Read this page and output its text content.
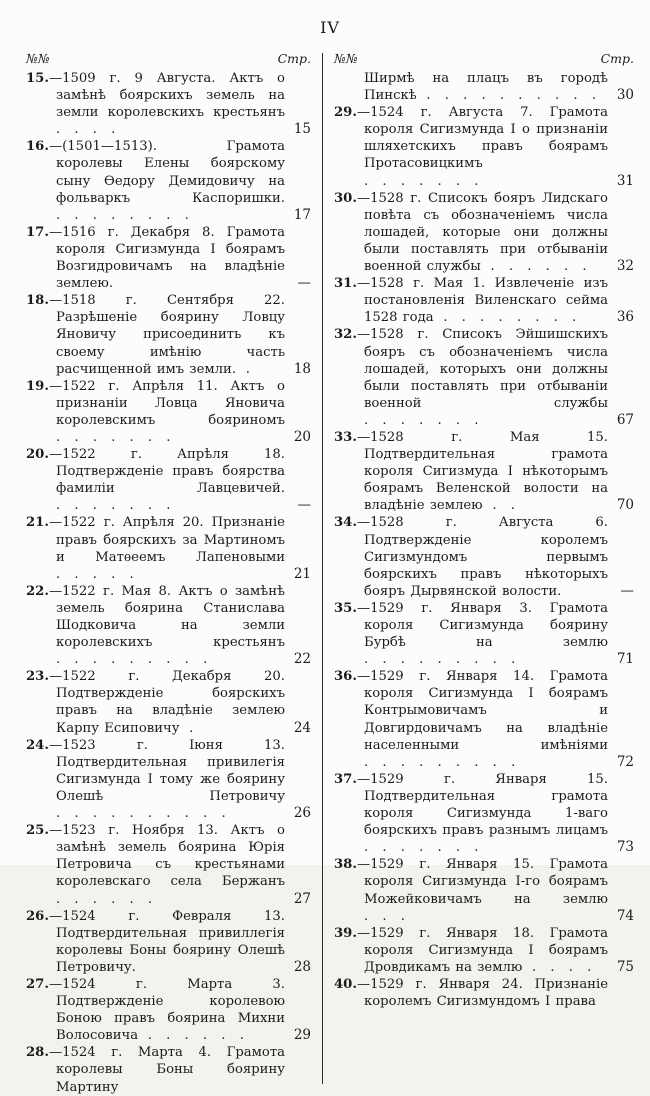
IV
№№	Стр.
15.—1509 г. 9 Августа. Актъ о замѣнѣ боярскихъ земель на земли королевскихъ крестьянъ . . . .	15
16.—(1501—1513). Грамота королевы Елены боярскому сыну Ѳедору Демидовичу на фольваркъ Каспоришки. . . . . . . . .	17
17.—1516 г. Декабря 8. Грамота короля Сигизмунда I боярамъ Возгидровичамъ на владѣніе землею.	—
18.—1518 г. Сентября 22. Разрѣшеніе боярину Ловцу Яновичу присоединить къ своему имѣнію часть расчищенной имъ земли. .	18
19.—1522 г. Апрѣля 11. Актъ о признаніи Ловца Яновича королевскимъ бояриномъ . . . . . . .	20
20.—1522 г. Апрѣля 18. Подтвержденіе правъ боярства фамиліи Лавцевичей. . . . . . . .	—
21.—1522 г. Апрѣля 20. Признаніе правъ боярскихъ за Мартиномъ и Матѳеемъ Лапеновыми . . . . .	21
22.—1522 г. Мая 8. Актъ о замѣнѣ земель боярина Станислава Шодковича на земли королевскихъ крестьянъ . . . . . . . . .	22
23.—1522 г. Декабря 20. Подтвержденіе боярскихъ правъ на владѣніе землею Карпу Есиповичу .	24
24.—1523 г. Іюня 13. Подтвердительная привилегія Сигизмунда I тому же боярину Олешѣ Петровичу . . . . . . . . . .	26
25.—1523 г. Ноября 13. Актъ о замѣнѣ земель боярина Юрія Петровича съ крестьянами королевскаго села Бержанъ . . . . . .	27
26.—1524 г. Февраля 13. Подтвердительная привиллегія королевы Боны боярину Олешѣ Петровичу.	28
27.—1524 г. Марта 3. Подтвержденіе королевою Боною правъ боярина Михни Волосовича . . . . . .	29
28.—1524 г. Марта 4. Грамота королевы Боны боярину Мартину
№№	Стр.
Ширмѣ на плацъ въ городѣ Пинскѣ . . . . . . . . . . 30
29.—1524 г. Августа 7. Грамота короля Сигизмунда I о признаніи шляхетскихъ правъ боярамъ Протасовицкимъ . . . . . . .	31
30.—1528 г. Списокъ бояръ Лидскаго повѣта съ обозначеніемъ числа лошадей, которые они должны были поставлять при отбываніи военной службы . . . . . . 32
31.—1528 г. Мая 1. Извлеченіе изъ постановленія Виленскаго сейма 1528 года . . . . . . . .	36
32.—1528 г. Списокъ Эйшишскихъ бояръ съ обозначеніемъ числа лошадей, которыхъ они должны были поставлять при отбываніи военной службы . . . . . . .	67
33.—1528 г. Мая 15. Подтвердительная грамота короля Сигизмуда I нѣкоторымъ боярамъ Веленской волости на владѣніе землею . .	70
34.—1528 г. Августа 6. Подтвержденіе королемъ Сигизмундомъ первымъ боярскихъ правъ нѣкоторыхъ бояръ Дырвянской волости.	—
35.—1529 г. Января 3. Грамота короля Сигизмунда боярину Бурбѣ на землю . . . . . . . . .	71
36.—1529 г. Января 14. Грамота короля Сигизмунда I боярамъ Контрымовичамъ и Довгирдовичамъ на владѣніе населенными имѣніями . . . . . . . . .	72
37.—1529 г. Января 15. Подтвердительная грамота короля Сигизмунда 1-ваго боярскихъ правъ разнымъ лицамъ . . . . . . .	73
38.—1529 г. Января 15. Грамота короля Сигизмунда I-го боярамъ Можейковичамъ на землю . . .	74
39.—1529 г. Января 18. Грамота короля Сигизмунда I боярамъ Дровдикамъ на землю . . . . 75
40.—1529 г. Января 24. Признаніе королемъ Сигизмундомъ I права
